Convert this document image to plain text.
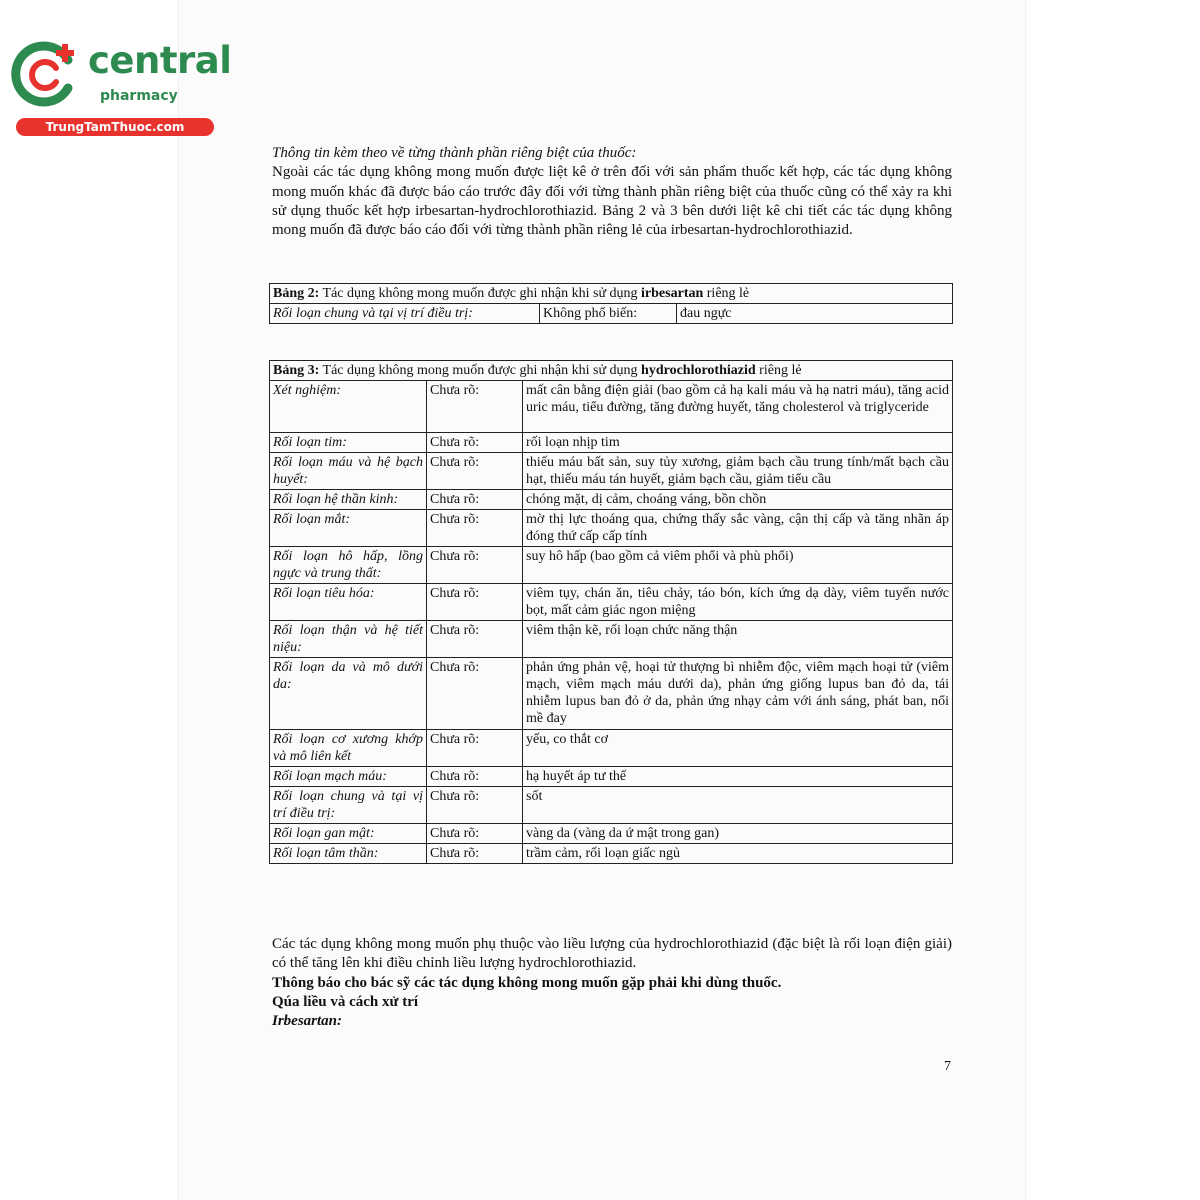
central
pharmacy
TrungTamThuoc.com
Thông tin kèm theo về từng thành phần riêng biệt của thuốc:
Ngoài các tác dụng không mong muốn được liệt kê ở trên đối với sản phẩm thuốc kết hợp, các tác dụng không mong muốn khác đã được báo cáo trước đây đối với từng thành phần riêng biệt của thuốc cũng có thể xảy ra khi sử dụng thuốc kết hợp irbesartan-hydrochlorothiazid. Bảng 2 và 3 bên dưới liệt kê chi tiết các tác dụng không mong muốn đã được báo cáo đối với từng thành phần riêng lẻ của irbesartan-hydrochlorothiazid.
Bảng 2: Tác dụng không mong muốn được ghi nhận khi sử dụng irbesartan riêng lẻ
Rối loạn chung và tại vị trí điều trị:	Không phổ biến:	đau ngực
Bảng 3: Tác dụng không mong muốn được ghi nhận khi sử dụng hydrochlorothiazid riêng lẻ		
Xét nghiệm:	Chưa rõ:	mất cân bằng điện giải (bao gồm cả hạ kali máu và hạ natri máu), tăng acid uric máu, tiểu đường, tăng đường huyết, tăng cholesterol và triglyceride
Rối loạn tim:	Chưa rõ:	rối loạn nhịp tim
Rối loạn máu và hệ bạch huyết:	Chưa rõ:	thiếu máu bất sản, suy tủy xương, giảm bạch cầu trung tính/mất bạch cầu hạt, thiếu máu tán huyết, giảm bạch cầu, giảm tiểu cầu
Rối loạn hệ thần kinh:	Chưa rõ:	chóng mặt, dị cảm, choáng váng, bồn chồn
Rối loạn mắt:	Chưa rõ:	mờ thị lực thoáng qua, chứng thấy sắc vàng, cận thị cấp và tăng nhãn áp đóng thứ cấp cấp tính
Rối loạn hô hấp, lồng ngực và trung thất:	Chưa rõ:	suy hô hấp (bao gồm cả viêm phổi và phù phổi)
Rối loạn tiêu hóa:	Chưa rõ:	viêm tụy, chán ăn, tiêu chảy, táo bón, kích ứng dạ dày, viêm tuyến nước bọt, mất cảm giác ngon miệng
Rối loạn thận và hệ tiết niệu:	Chưa rõ:	viêm thận kẽ, rối loạn chức năng thận
Rối loạn da và mô dưới da:	Chưa rõ:	phản ứng phản vệ, hoại tử thượng bì nhiễm độc, viêm mạch hoại tử (viêm mạch, viêm mạch máu dưới da), phản ứng giống lupus ban đỏ da, tái nhiễm lupus ban đỏ ở da, phản ứng nhạy cảm với ánh sáng, phát ban, nổi mề đay
Rối loạn cơ xương khớp và mô liên kết	Chưa rõ:	yếu, co thắt cơ
Rối loạn mạch máu:	Chưa rõ:	hạ huyết áp tư thế
Rối loạn chung và tại vị trí điều trị:	Chưa rõ:	sốt
Rối loạn gan mật:	Chưa rõ:	vàng da (vàng da ứ mật trong gan)
Rối loạn tâm thần:	Chưa rõ:	trầm cảm, rối loạn giấc ngủ
Các tác dụng không mong muốn phụ thuộc vào liều lượng của hydrochlorothiazid (đặc biệt là rối loạn điện giải) có thể tăng lên khi điều chỉnh liều lượng hydrochlorothiazid.
Thông báo cho bác sỹ các tác dụng không mong muốn gặp phải khi dùng thuốc.
Qúa liều và cách xử trí
Irbesartan:
7
